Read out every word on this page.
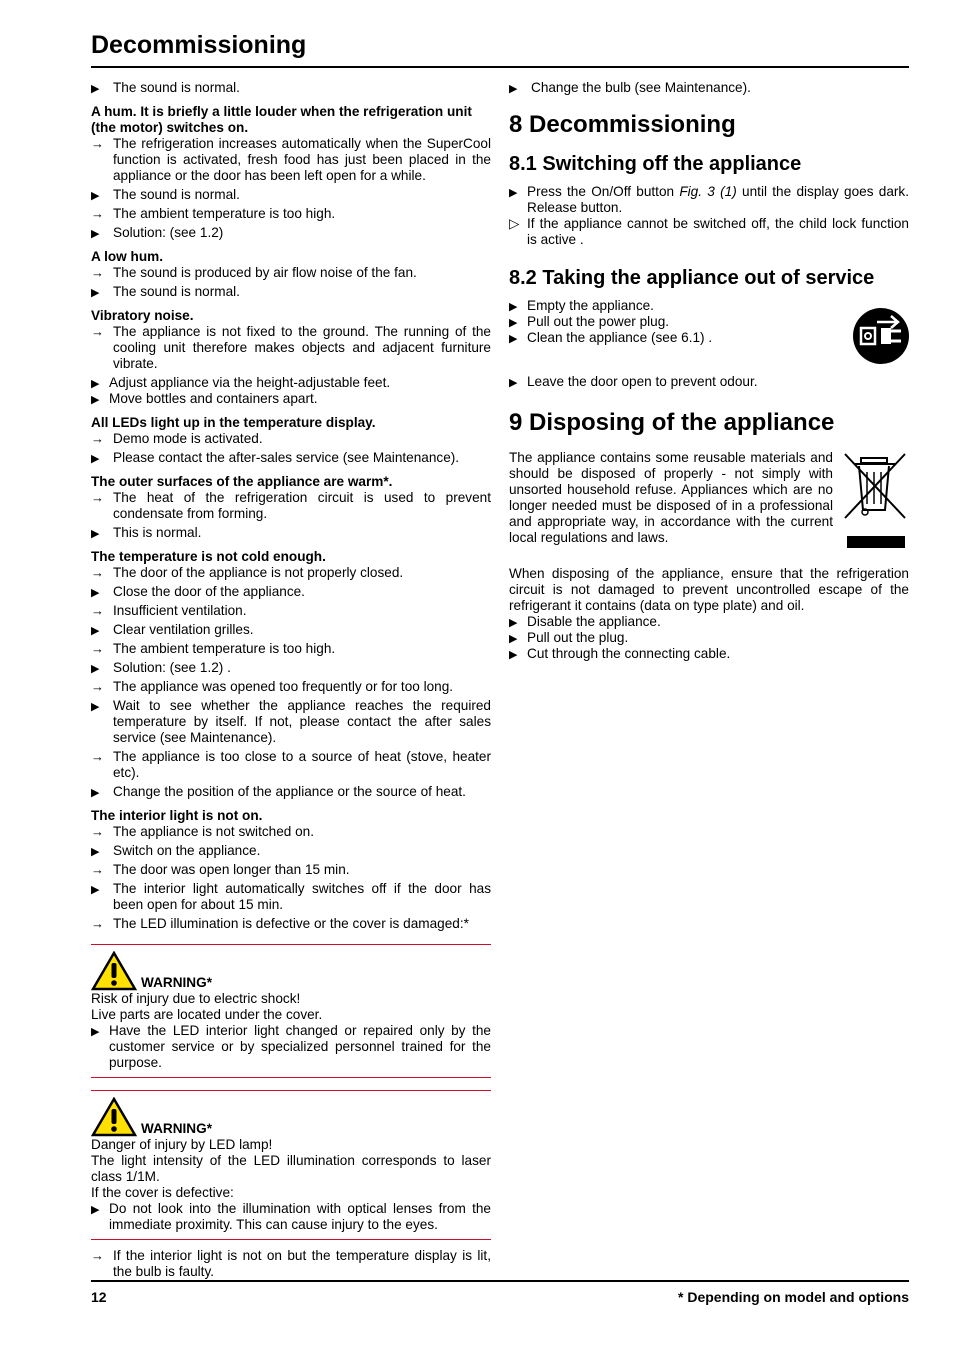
Decommissioning
▶ The sound is normal.
A hum. It is briefly a little louder when the refrigeration unit (the motor) switches on.
→ The refrigeration increases automatically when the SuperCool function is activated, fresh food has just been placed in the appliance or the door has been left open for a while.
▶ The sound is normal.
→ The ambient temperature is too high.
▶ Solution: (see 1.2)
A low hum.
→ The sound is produced by air flow noise of the fan.
▶ The sound is normal.
Vibratory noise.
→ The appliance is not fixed to the ground. The running of the cooling unit therefore makes objects and adjacent furniture vibrate.
▶ Adjust appliance via the height-adjustable feet.
▶ Move bottles and containers apart.
All LEDs light up in the temperature display.
→ Demo mode is activated.
▶ Please contact the after-sales service (see Maintenance).
The outer surfaces of the appliance are warm*.
→ The heat of the refrigeration circuit is used to prevent condensate from forming.
▶ This is normal.
The temperature is not cold enough.
→ The door of the appliance is not properly closed.
▶ Close the door of the appliance.
→ Insufficient ventilation.
▶ Clear ventilation grilles.
→ The ambient temperature is too high.
▶ Solution: (see 1.2) .
→ The appliance was opened too frequently or for too long.
▶ Wait to see whether the appliance reaches the required temperature by itself. If not, please contact the after sales service (see Maintenance).
→ The appliance is too close to a source of heat (stove, heater etc).
▶ Change the position of the appliance or the source of heat.
The interior light is not on.
→ The appliance is not switched on.
▶ Switch on the appliance.
→ The door was open longer than 15 min.
▶ The interior light automatically switches off if the door has been open for about 15 min.
→ The LED illumination is defective or the cover is damaged:*
WARNING*

Risk of injury due to electric shock!

Live parts are located under the cover.

▶ Have the LED interior light changed or repaired only by the customer service or by specialized personnel trained for the purpose.
WARNING*

Danger of injury by LED lamp!

The light intensity of the LED illumination corresponds to laser class 1/1M.

If the cover is defective:

▶ Do not look into the illumination with optical lenses from the immediate proximity. This can cause injury to the eyes.
→ If the interior light is not on but the temperature display is lit, the bulb is faulty.
▶ Change the bulb (see Maintenance).
8 Decommissioning
8.1 Switching off the appliance
▶ Press the On/Off button Fig. 3 (1) until the display goes dark. Release button.
▷ If the appliance cannot be switched off, the child lock function is active .
8.2 Taking the appliance out of service
▶ Empty the appliance.
▶ Pull out the power plug.
▶ Clean the appliance (see 6.1) .
▶ Leave the door open to prevent odour.
9 Disposing of the appliance

The appliance contains some reusable materials and should be disposed of properly - not simply with unsorted household refuse. Appliances which are no longer needed must be disposed of in a professional and appropriate way, in accordance with the current local regulations and laws.

When disposing of the appliance, ensure that the refrigeration circuit is not damaged to prevent uncontrolled escape of the refrigerant it contains (data on type plate) and oil.

▶ Disable the appliance.
▶ Pull out the plug.
▶ Cut through the connecting cable.
12	* Depending on model and options
